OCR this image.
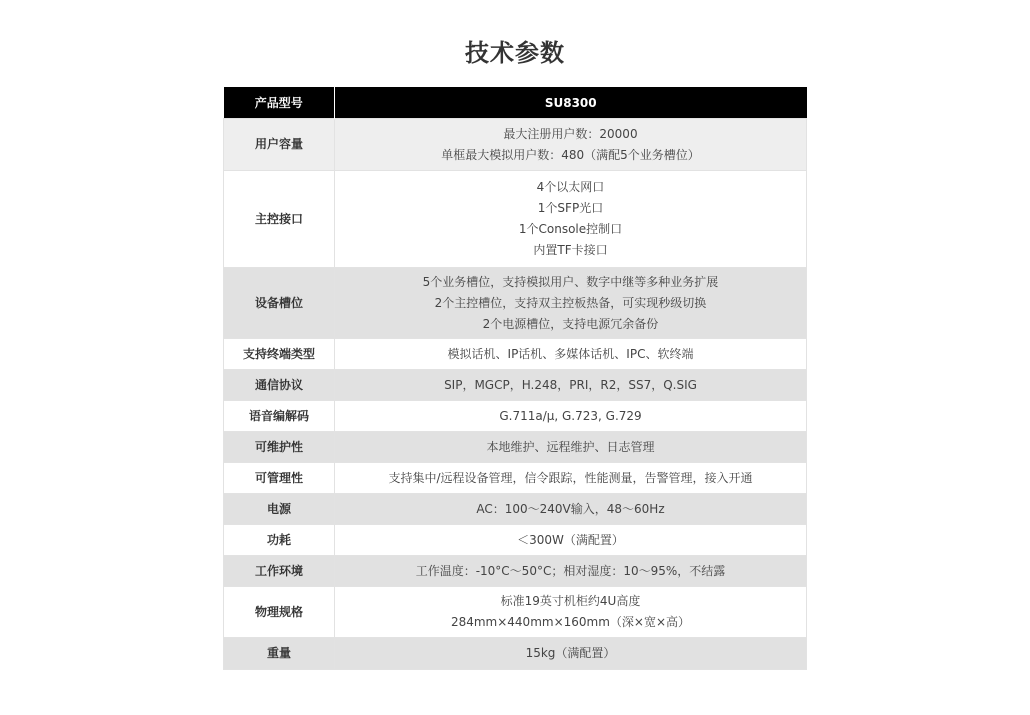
技术参数
产品型号	SU8300
用户容量	最大注册用户数：20000
单框最大模拟用户数：480（满配5个业务槽位）

主控接口	4个以太网口
1个SFP光口
1个Console控制口
内置TF卡接口

设备槽位	5个业务槽位，支持模拟用户、数字中继等多种业务扩展
2个主控槽位，支持双主控板热备，可实现秒级切换
2个电源槽位，支持电源冗余备份

支持终端类型	模拟话机、IP话机、多媒体话机、IPC、软终端
通信协议	SIP，MGCP，H.248，PRI，R2，SS7，Q.SIG
语音编解码	G.711a/μ, G.723, G.729
可维护性	本地维护、远程维护、日志管理
可管理性	支持集中/远程设备管理，信令跟踪，性能测量，告警管理，接入开通
电源	AC：100～240V输入，48～60Hz
功耗	＜300W（满配置）
工作环境	工作温度：-10°C～50°C；相对湿度：10～95%，不结露
物理规格	标准19英寸机柜约4U高度
284mm×440mm×160mm（深×宽×高）

重量	15kg（满配置）
